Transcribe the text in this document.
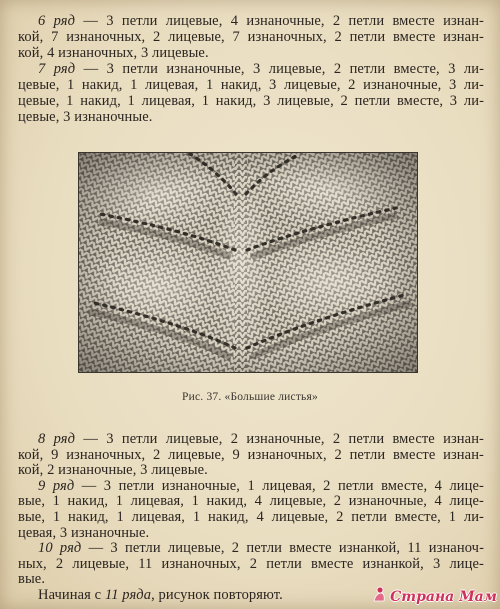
6 ряд — 3 петли лицевые, 4 изнаночные, 2 петли вместе изнан-
кой, 7 изнаночных, 2 лицевые, 7 изнаночных, 2 петли вместе изнан-
кой, 4 изнаночных, 3 лицевые.
7 ряд — 3 петли изнаночные, 3 лицевые, 2 петли вместе, 3 ли-
цевые, 1 накид, 1 лицевая, 1 накид, 3 лицевые, 2 изнаночные, 3 ли-
цевые, 1 накид, 1 лицевая, 1 накид, 3 лицевые, 2 петли вместе, 3 ли-
цевые, 3 изнаночные.
Рис. 37. «Большие листья»
8 ряд — 3 петли лицевые, 2 изнаночные, 2 петли вместе изнан-
кой, 9 изнаночных, 2 лицевые, 9 изнаночных, 2 петли вместе изнан-
кой, 2 изнаночные, 3 лицевые.
9 ряд — 3 петли изнаночные, 1 лицевая, 2 петли вместе, 4 лице-
вые, 1 накид, 1 лицевая, 1 накид, 4 лицевые, 2 изнаночные, 4 лице-
вые, 1 накид, 1 лицевая, 1 накид, 4 лицевые, 2 петли вместе, 1 ли-
цевая, 3 изнаночные.
10 ряд — 3 петли лицевые, 2 петли вместе изнанкой, 11 изнаноч-
ных, 2 лицевые, 11 изнаночных, 2 петли вместе изнанкой, 3 лице-
вые.
Начиная с 11 ряда, рисунок повторяют.	Страна Мам
